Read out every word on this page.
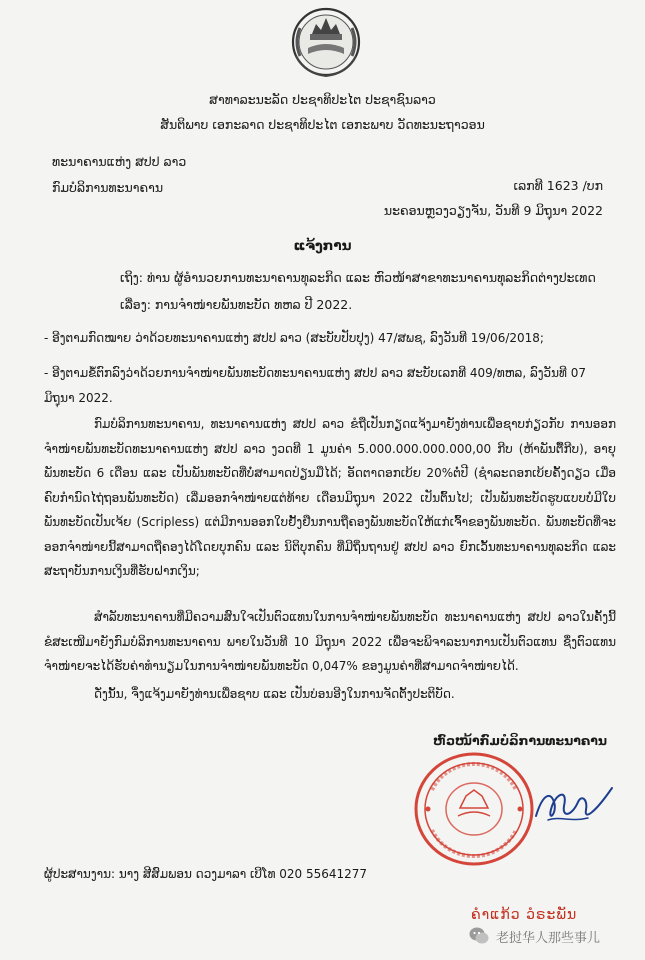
ສາທາລະນະລັດ ປະຊາທິປະໄຕ ປະຊາຊົນລາວ
ສັນຕິພາບ ເອກະລາດ ປະຊາທິປະໄຕ ເອກະພາບ ວັດທະນະຖາວອນ
ທະນາຄານແຫ່ງ ສປປ ລາວ
ກົມບໍລິການທະນາຄານ	ເລກທີ 1623 /ບກ
ນະຄອນຫຼວງວຽງຈັນ, ວັນທີ 9 ມິຖຸນາ 2022
ແຈ້ງການ
ເຖິງ: ທ່ານ ຜູ້ອໍານວຍການທະນາຄານທຸລະກິດ ແລະ ຫົວໜ້າສາຂາທະນາຄານທຸລະກິດຕ່າງປະເທດ
ເລື່ອງ: ການຈໍາໜ່າຍພັນທະບັດ ທຫລ ປີ 2022.
- ອີງຕາມກົດໝາຍ ວ່າດ້ວຍທະນາຄານແຫ່ງ ສປປ ລາວ (ສະບັບປັບປຸງ) 47/ສພຊ, ລົງວັນທີ 19/06/2018;
- ອີງຕາມຂໍ້ຕົກລົງວ່າດ້ວຍການຈໍາໜ່າຍພັນທະບັດທະນາຄານແຫ່ງ ສປປ ລາວ ສະບັບເລກທີ 409/ທຫລ, ລົງວັນທີ 07 ມິຖຸນາ 2022.
ກົມບໍລິການທະນາຄານ, ທະນາຄານແຫ່ງ ສປປ ລາວ ຂໍຖືເປັນກຽດແຈ້ງມາຍັງທ່ານເພື່ອຊາບກ່ຽວກັບ ການອອກຈໍາໜ່າຍພັນທະບັດທະນາຄານແຫ່ງ ສປປ ລາວ ງວດທີ 1 ມູນຄ່າ 5.000.000.000.000,00 ກີບ (ຫ້າພັນຕື້ກີບ), ອາຍຸພັນທະບັດ 6 ເດືອນ ແລະ ເປັນພັນທະບັດທີ່ບໍ່ສາມາດປ່ຽນມືໄດ້; ອັດຕາດອກເບ້ຍ 20%ຕໍ່ປີ (ຊໍາລະດອກເບ້ຍຄັ້ງດຽວ ເມື່ອຄົບກໍານົດໄຖ່ຖອນພັນທະບັດ) ເລີ່ມອອກຈໍາໜ່າຍແຕ່ທ້າຍ ເດືອນມິຖຸນາ 2022 ເປັນຕົ້ນໄປ; ເປັນພັນທະບັດຮູບແບບບໍ່ມີໃບພັນທະບັດເປັນເຈ້ຍ (Scripless) ແຕ່ມີການອອກໃບຢັ້ງຢືນການຖືຄອງພັນທະບັດໃຫ້ແກ່ເຈົ້າຂອງພັນທະບັດ. ພັນທະບັດທີ່ຈະອອກຈໍາໜ່າຍນີ້ສາມາດຖືຄອງໄດ້ໂດຍບຸກຄົນ ແລະ ນິຕິບຸກຄົນ ທີ່ມີຖິ່ນຖານຢູ່ ສປປ ລາວ ຍົກເວັ້ນທະນາຄານທຸລະກິດ ແລະ ສະຖາບັນການເງິນທີ່ຮັບຝາກເງິນ;
ສໍາລັບທະນາຄານທີ່ມີຄວາມສົນໃຈເປັນຕົວແທນໃນການຈໍາໜ່າຍພັນທະບັດ ທະນາຄານແຫ່ງ ສປປ ລາວໃນຄັ້ງນີ້ ຂໍສະເໜີມາຍັງກົມບໍລິການທະນາຄານ ພາຍໃນວັນທີ 10 ມິຖຸນາ 2022 ເພື່ອຈະພິຈາລະນາການເປັນຕົວແທນ ຊຶ່ງຕົວແທນຈໍາໜ່າຍຈະໄດ້ຮັບຄ່າທໍານຽມໃນການຈໍາໜ່າຍພັນທະບັດ 0,047% ຂອງມູນຄ່າທີ່ສາມາດຈໍາໜ່າຍໄດ້.
ດັ່ງນັ້ນ, ຈຶ່ງແຈ້ງມາຍັງທ່ານເພື່ອຊາບ ແລະ ເປັນບ່ອນອີງໃນການຈັດຕັ້ງປະຕິບັດ.
ຫົວໜ້າກົມບໍລິການທະນາຄານ
ຜູ້ປະສານງານ: ນາງ ສີສົມພອນ ດວງມາລາ ເບີໂທ 020 55641277
ຄໍາແກ້ວ ວໍຣະພັນ
老挝华人那些事儿
